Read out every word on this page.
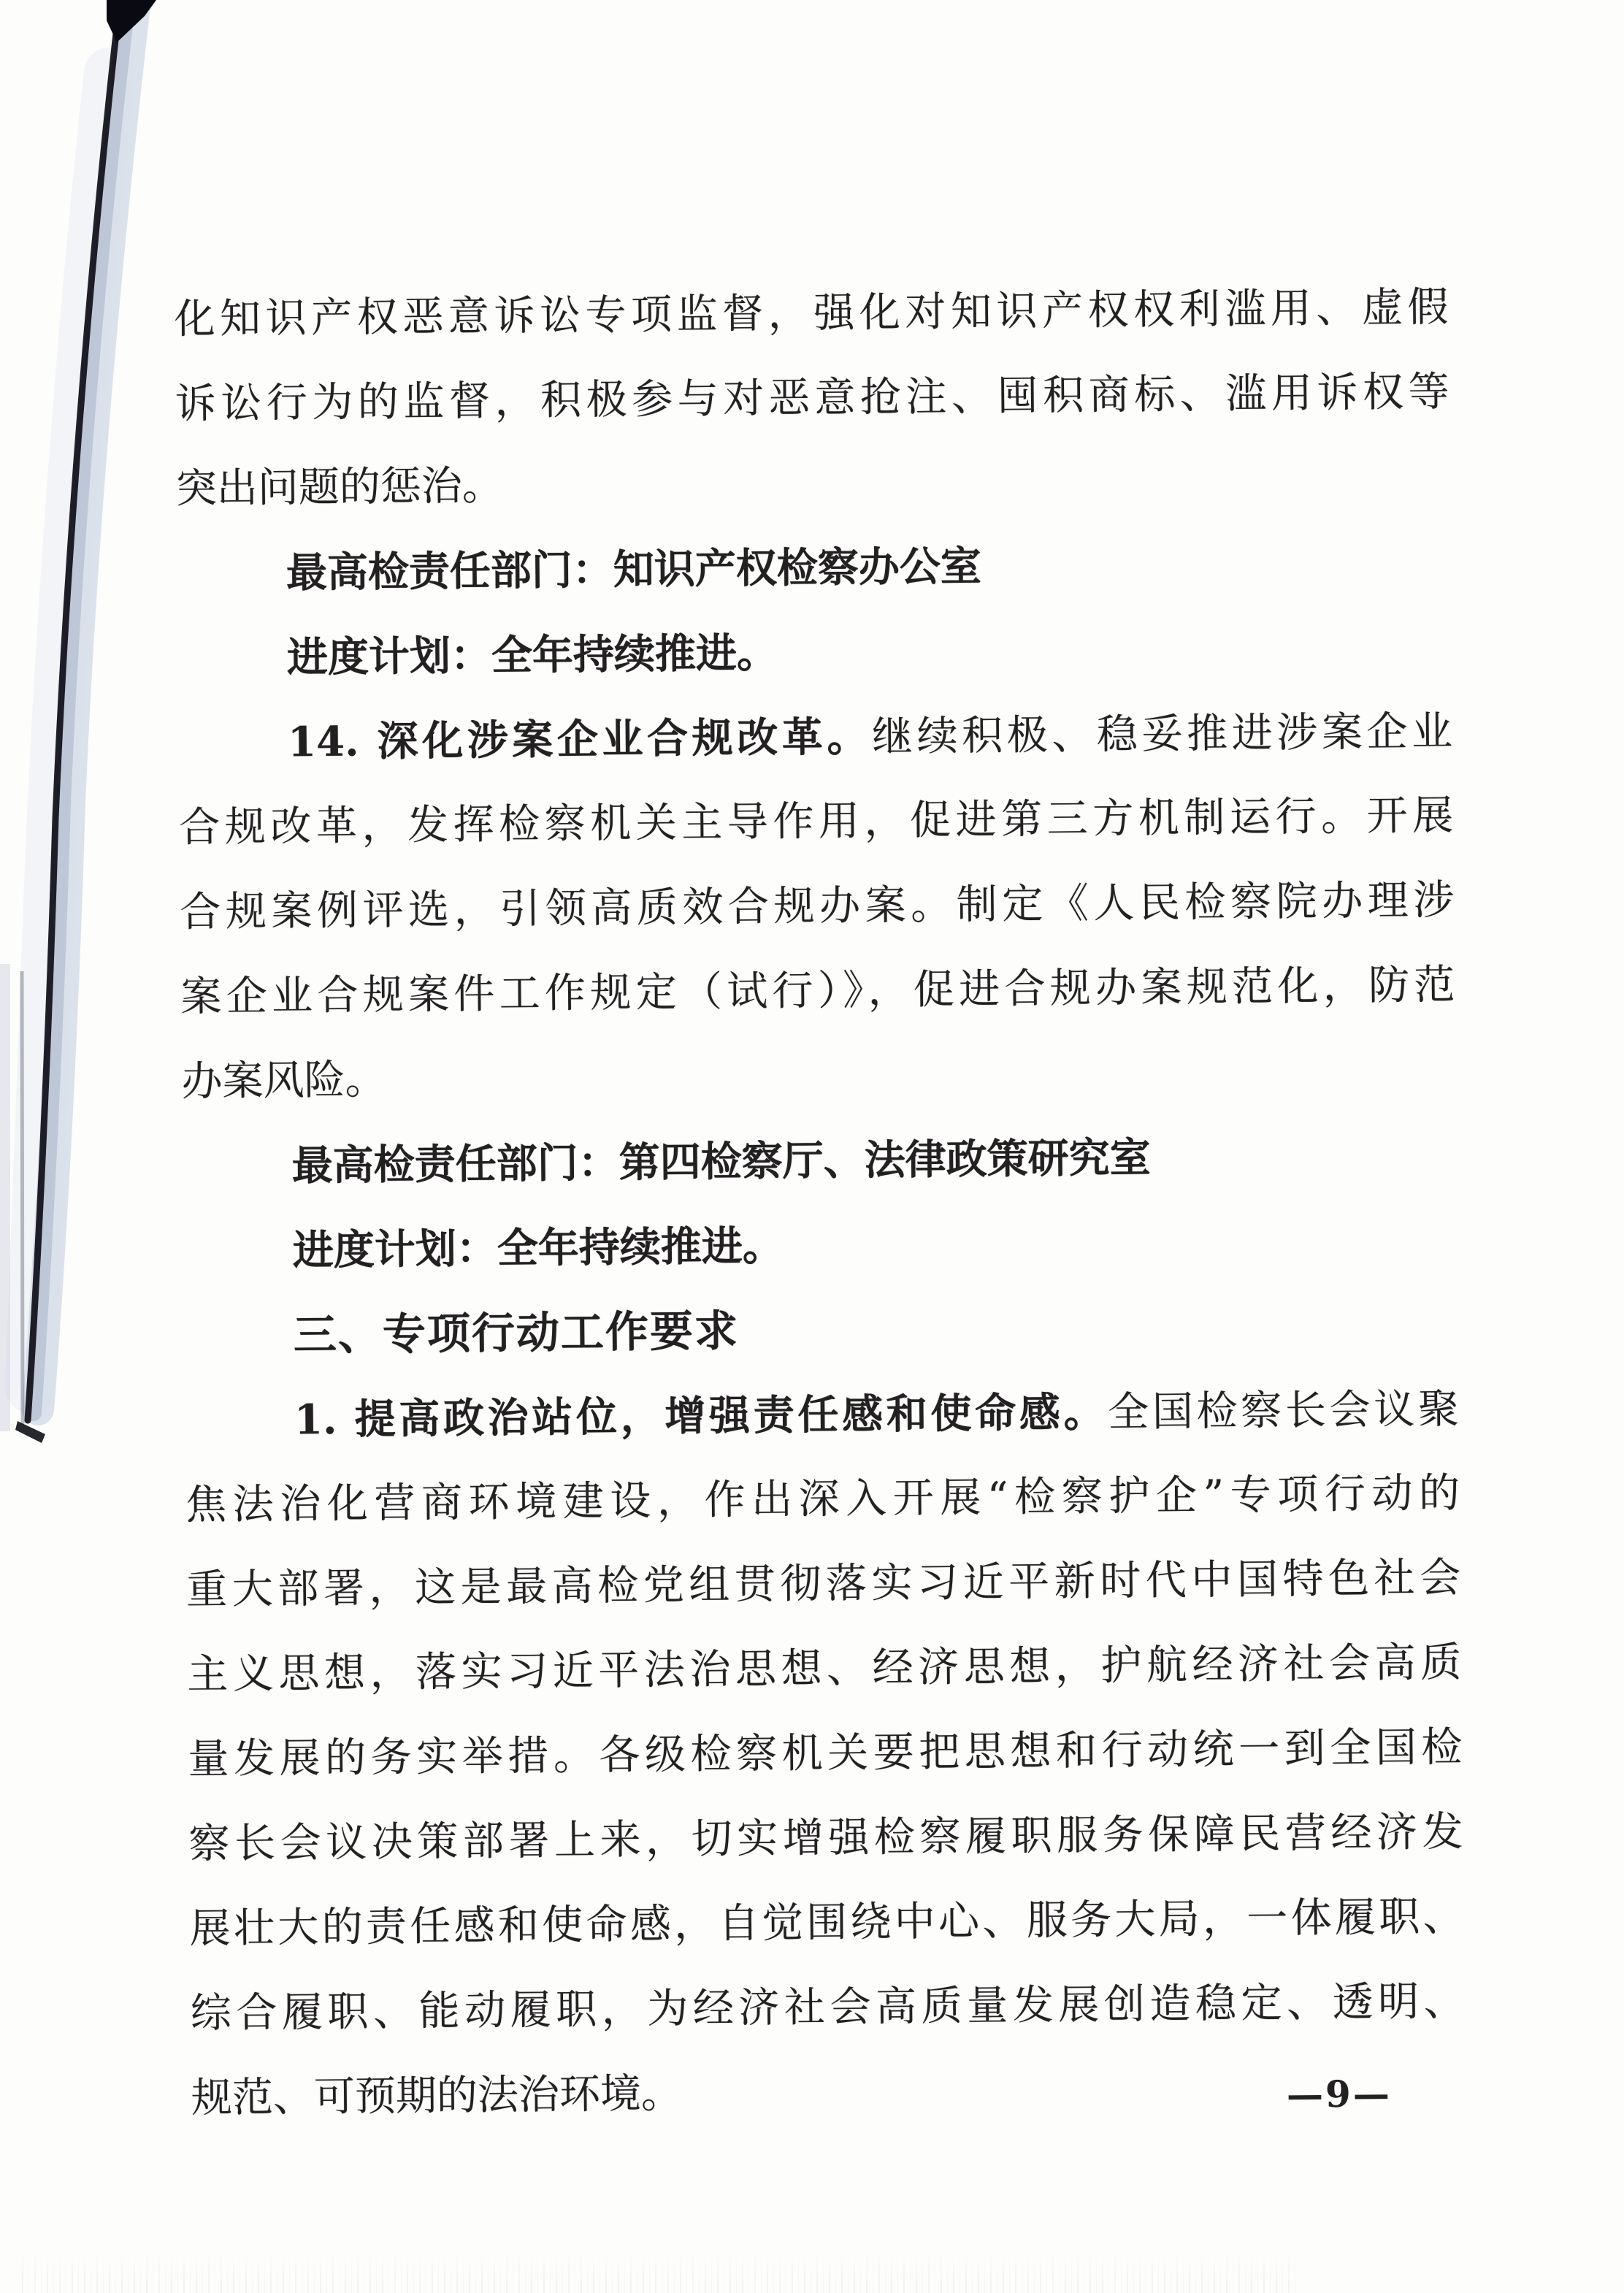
化知识产权恶意诉讼专项监督，强化对知识产权权利滥用、虚假
诉讼行为的监督，积极参与对恶意抢注、囤积商标、滥用诉权等
突出问题的惩治。
最高检责任部门：知识产权检察办公室
进度计划：全年持续推进。
14. 深化涉案企业合规改革。继续积极、稳妥推进涉案企业
合规改革，发挥检察机关主导作用，促进第三方机制运行。开展
合规案例评选，引领高质效合规办案。制定《人民检察院办理涉
案企业合规案件工作规定（试行）》，促进合规办案规范化，防范
办案风险。
最高检责任部门：第四检察厅、法律政策研究室
进度计划：全年持续推进。
三、专项行动工作要求
1. 提高政治站位，增强责任感和使命感。全国检察长会议聚
焦法治化营商环境建设，作出深入开展“检察护企”专项行动的
重大部署，这是最高检党组贯彻落实习近平新时代中国特色社会
主义思想，落实习近平法治思想、经济思想，护航经济社会高质
量发展的务实举措。各级检察机关要把思想和行动统一到全国检
察长会议决策部署上来，切实增强检察履职服务保障民营经济发
展壮大的责任感和使命感，自觉围绕中心、服务大局，一体履职、
综合履职、能动履职，为经济社会高质量发展创造稳定、透明、
规范、可预期的法治环境。	—9—
